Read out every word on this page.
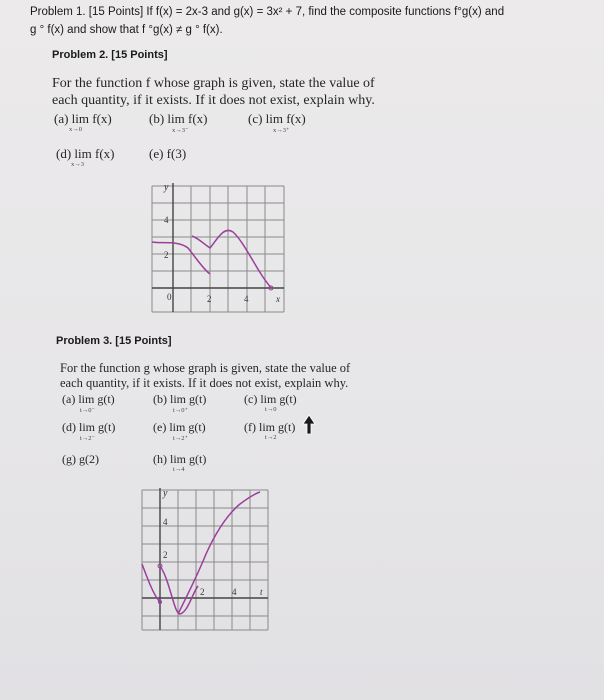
Problem 1. [15 Points] If f(x) = 2x-3 and g(x) = 3x² + 7, find the composite functions f°g(x) and
g ° f(x) and show that f °g(x) ≠ g ° f(x).
Problem 2. [15 Points]
For the function f whose graph is given, state the value of
each quantity, if it exists. If it does not exist, explain why.
(a) lim f(x)
x→0
(b) lim f(x)
x→3⁻
(c) lim f(x)
x→3⁺
(d) lim f(x)
x→3
(e) f(3)
y
x
0	2	4
4
2
Problem 3. [15 Points]
For the function g whose graph is given, state the value of
each quantity, if it exists. If it does not exist, explain why.
(a) lim g(t)
t→0⁻
(b) lim g(t)
t→0⁺
(c) lim g(t)
t→0
(d) lim g(t)
t→2⁻
(e) lim g(t)
t→2⁺
(f) lim g(t)
t→2
(g) g(2)	(h) lim g(t)
t→4
y
t
2	4
4
2
